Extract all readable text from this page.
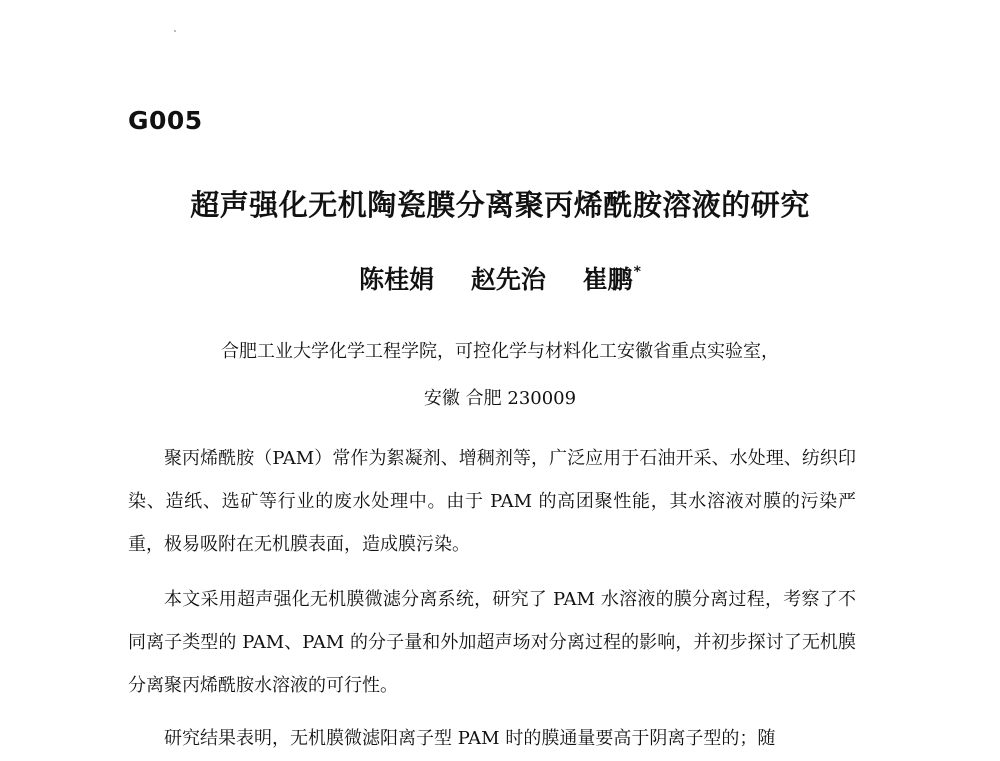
G005
超声强化无机陶瓷膜分离聚丙烯酰胺溶液的研究
陈桂娟 赵先治 崔鹏*
合肥工业大学化学工程学院，可控化学与材料化工安徽省重点实验室，
安徽 合肥 230009

聚丙烯酰胺（PAM）常作为絮凝剂、增稠剂等，广泛应用于石油开采、水处理、纺织印染、造纸、选矿等行业的废水处理中。由于 PAM 的高团聚性能，其水溶液对膜的污染严重，极易吸附在无机膜表面，造成膜污染。

本文采用超声强化无机膜微滤分离系统，研究了 PAM 水溶液的膜分离过程，考察了不同离子类型的 PAM、PAM 的分子量和外加超声场对分离过程的影响，并初步探讨了无机膜分离聚丙烯酰胺水溶液的可行性。

研究结果表明，无机膜微滤阳离子型 PAM 时的膜通量要高于阴离子型的；随
